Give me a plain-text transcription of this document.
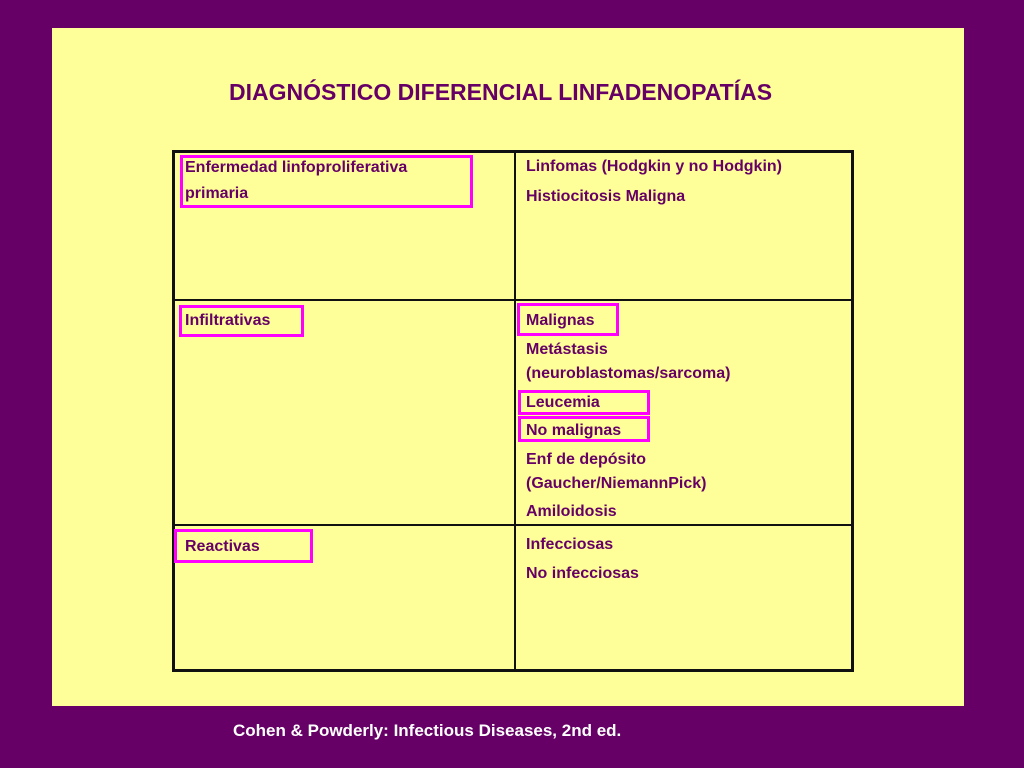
DIAGNÓSTICO DIFERENCIAL LINFADENOPATÍAS
Enfermedad linfoproliferativa
primaria
Linfomas (Hodgkin y no Hodgkin)
Histiocitosis Maligna
Infiltrativas	Malignas
Metástasis
(neuroblastomas/sarcoma)
Leucemia
No malignas
Enf de depósito
(Gaucher/NiemannPick)
Amiloidosis
Reactivas	Infecciosas
No infecciosas
Cohen & Powderly: Infectious Diseases, 2nd ed.
